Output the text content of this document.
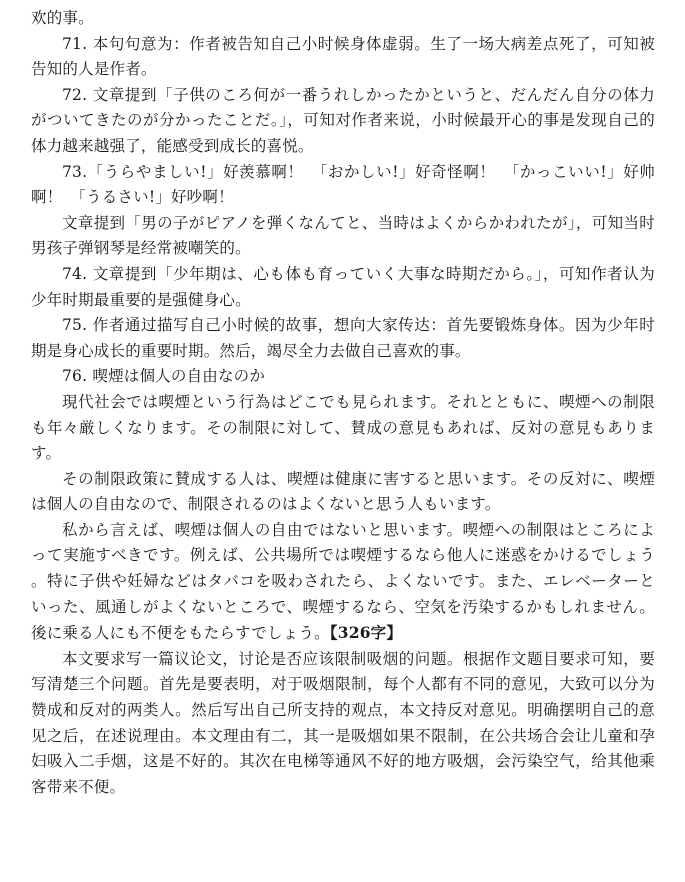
欢的事。

71. 本句句意为：作者被告知自己小时候身体虚弱。生了一场大病差点死了，可知被告知的人是作者。

72. 文章提到「子供のころ何が一番うれしかったかというと、だんだん自分の体力がついてきたのが分かったことだ。」，可知对作者来说，小时候最开心的事是发现自己的体力越来越强了，能感受到成长的喜悦。

73.「うらやましい!」好羡慕啊！　「おかしい!」好奇怪啊！　「かっこいい!」好帅啊！　「うるさい!」好吵啊！

文章提到「男の子がピアノを弾くなんてと、当時はよくからかわれたが」，可知当时男孩子弹钢琴是经常被嘲笑的。

74. 文章提到「少年期は、心も体も育っていく大事な時期だから。」，可知作者认为少年时期最重要的是强健身心。

75. 作者通过描写自己小时候的故事，想向大家传达：首先要锻炼身体。因为少年时期是身心成长的重要时期。然后，竭尽全力去做自己喜欢的事。

76. 喫煙は個人の自由なのか

現代社会では喫煙という行為はどこでも見られます。それとともに、喫煙への制限も年々厳しくなります。その制限に対して、賛成の意見もあれば、反対の意見もあります。

その制限政策に賛成する人は、喫煙は健康に害すると思います。その反対に、喫煙は個人の自由なので、制限されるのはよくないと思う人もいます。

私から言えば、喫煙は個人の自由ではないと思います。喫煙への制限はところによって実施すべきです。例えば、公共場所では喫煙するなら他人に迷惑をかけるでしょう。特に子供や妊婦などはタバコを吸わされたら、よくないです。また、エレベーターといった、風通しがよくないところで、喫煙するなら、空気を汚染するかもしれません。後に乗る人にも不便をもたらすでしょう。【326字】

本文要求写一篇议论文，讨论是否应该限制吸烟的问题。根据作文题目要求可知，要写清楚三个问题。首先是要表明，对于吸烟限制，每个人都有不同的意见，大致可以分为赞成和反对的两类人。然后写出自己所支持的观点，本文持反对意见。明确摆明自己的意见之后，在述说理由。本文理由有二，其一是吸烟如果不限制，在公共场合会让儿童和孕妇吸入二手烟，这是不好的。其次在电梯等通风不好的地方吸烟，会污染空气，给其他乘客带来不便。
